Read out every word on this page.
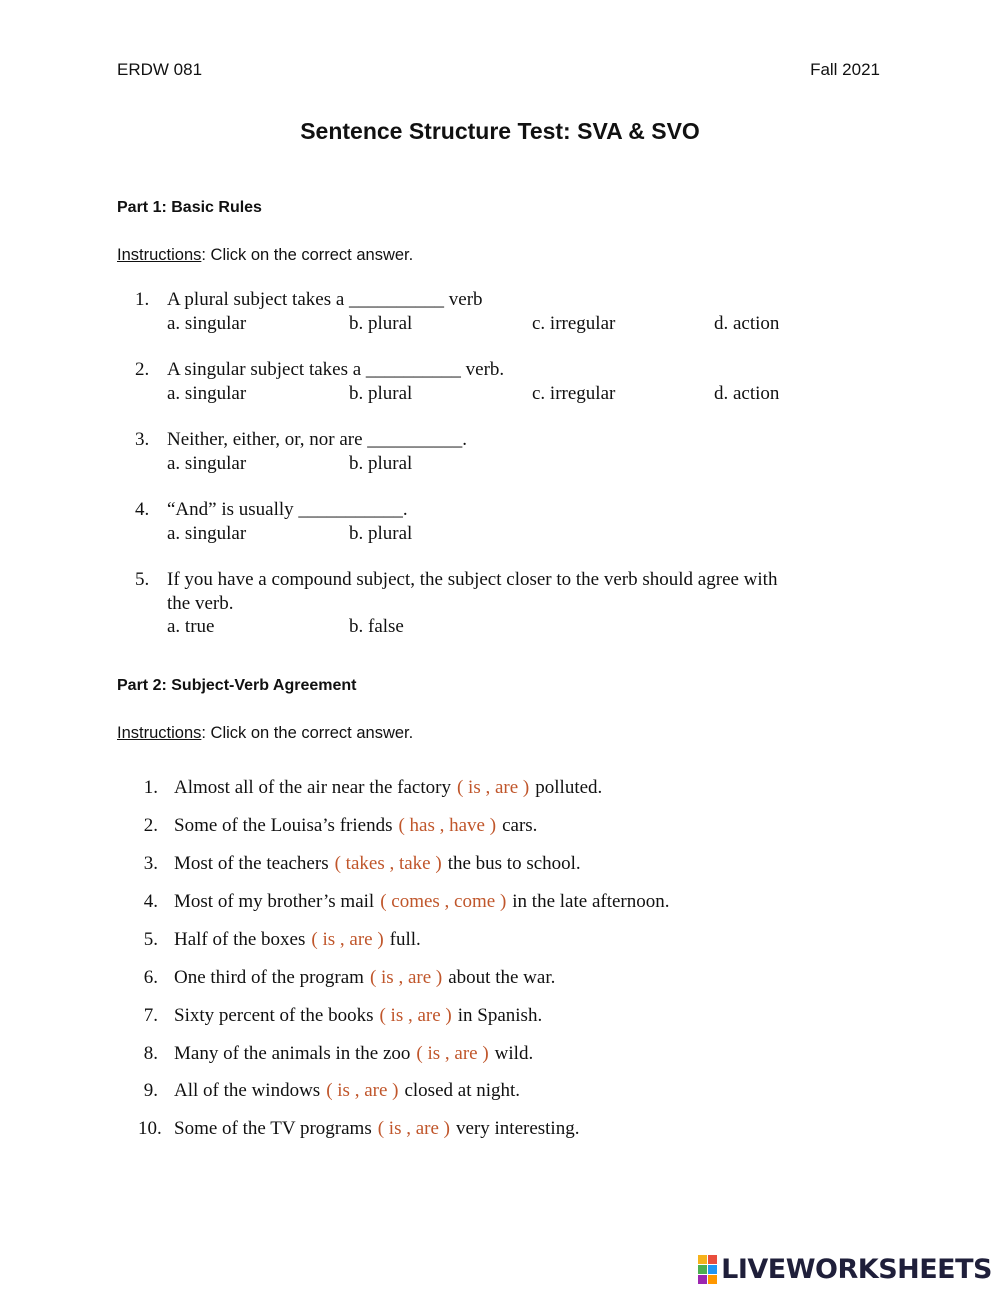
ERDW 081	Fall 2021
Sentence Structure Test: SVA & SVO
Part 1: Basic Rules
Instructions: Click on the correct answer.
1. A plural subject takes a __________ verb
a. singular	b. plural	c. irregular	d. action
2. A singular subject takes a __________ verb.
a. singular	b. plural	c. irregular	d. action
3. Neither, either, or, nor are __________.
a. singular	b. plural
4. “And” is usually ___________.
a. singular	b. plural
5. If you have a compound subject, the subject closer to the verb should agree with
the verb.
a. true	b. false
Part 2: Subject-Verb Agreement
Instructions: Click on the correct answer.
1. Almost all of the air near the factory ( is , are ) polluted.
2. Some of the Louisa’s friends ( has , have ) cars.
3. Most of the teachers ( takes , take ) the bus to school.
4. Most of my brother’s mail ( comes , come ) in the late afternoon.
5. Half of the boxes ( is , are ) full.
6. One third of the program ( is , are ) about the war.
7. Sixty percent of the books ( is , are ) in Spanish.
8. Many of the animals in the zoo ( is , are ) wild.
9. All of the windows ( is , are ) closed at night.
10. Some of the TV programs ( is , are ) very interesting.
LIVEWORKSHEETS
